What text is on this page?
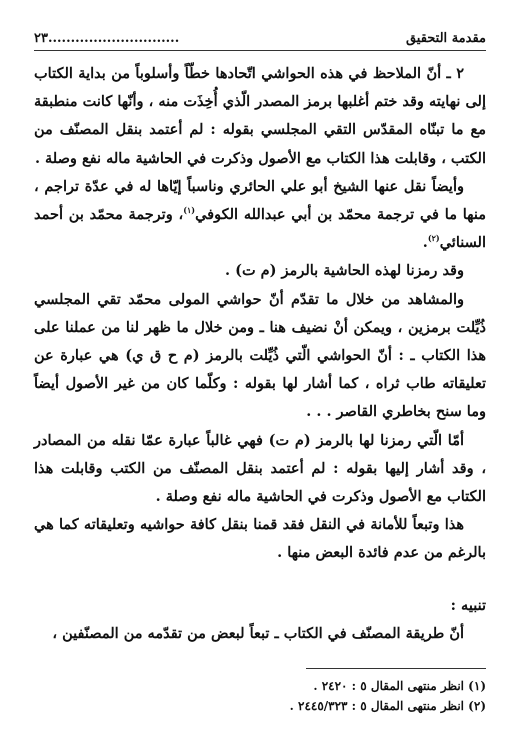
مقدمة التحقيق
.............................٢٣

٢ ـ أنّ الملاحظ في هذه الحواشي اتّحادها خطّاً وأسلوباً من بداية الكتاب إلى نهايته وقد ختم أغلبها برمز المصدر الّذي أُخِذَت منه ، وأنّها كانت منطبقة مع ما تبنّاه المقدّس التقي المجلسي بقوله : لم أعتمد بنقل المصنّف من الكتب ، وقابلت هذا الكتاب مع الأصول وذكرت في الحاشية ماله نفع وصلة .

وأيضاً نقل عنها الشيخ أبو علي الحائري وناسباً إيّاها له في عدّة تراجم ، منها ما في ترجمة محمّد بن أبي عبدالله الكوفي$^{(١)}$، وترجمة محمّد بن أحمد السنائي$^{(٢)}$.

وقد رمزنا لهذه الحاشية بالرمز (م ت) .

والمشاهد من خلال ما تقدّم أنّ حواشي المولى محمّد تقي المجلسي ذُيِّلت برمزين ، ويمكن أنْ نضيف هنا ـ ومن خلال ما ظهر لنا من عملنا على هذا الكتاب ـ : أنّ الحواشي الّتي ذُيِّلت بالرمز (م ح ق ي) هي عبارة عن تعليقاته طاب ثراه ، كما أشار لها بقوله : وكلّما كان من غير الأصول أيضاً وما سنح بخاطري القاصر . . .

أمّا الّتي رمزنا لها بالرمز (م ت) فهي غالباً عبارة عمّا نقله من المصادر ، وقد أشار إليها بقوله : لم أعتمد بنقل المصنّف من الكتب وقابلت هذا الكتاب مع الأصول وذكرت في الحاشية ماله نفع وصلة .

هذا وتبعاً للأمانة في النقل فقد قمنا بنقل كافة حواشيه وتعليقاته كما هي بالرغم من عدم فائدة البعض منها .

تنبيه :

أنّ طريقة المصنّف في الكتاب ـ تبعاً لبعض من تقدّمه من المصنّفين ،

(١) انظر منتهى المقال ٥ : ٢٤٢٠ .

(٢) انظر منتهى المقال ٥ : ٢٤٤٥/٣٢٣ .
